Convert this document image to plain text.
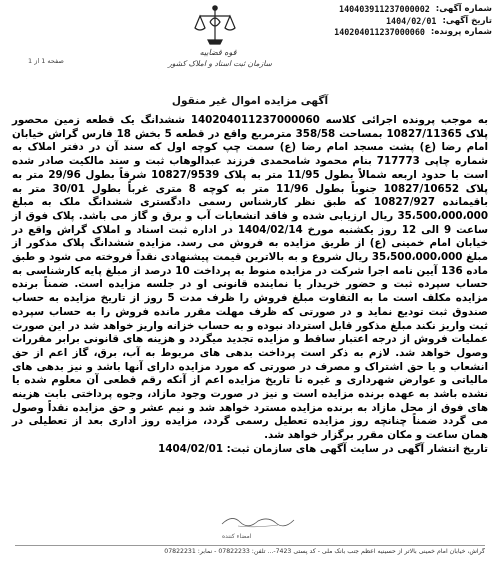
شماره آگهی:
140403911237000002
تاریخ آگهی:
1404/02/01
شماره پرونده:
140204011237000060
قوه قضاییه
سازمان ثبت اسناد و املاک کشور
صفحه 1 از 1
آگهی مزایده اموال غیر منقول
به موجب پرونده اجرائی کلاسه 140204011237000060 ششدانگ یک قطعه زمین محصور پلاک 10827/11365 بمساحت 358/58 مترمربع واقع در قطعه 5 بخش 18 فارس گراش خیابان امام رضا (ع) پشت مسجد امام رضا (ع) سمت چپ کوچه اول که سند آن در دفتر املاک به شماره چاپی 717773 بنام محمود شامحمدی فرزند عبدالوهاب ثبت و سند مالکیت صادر شده است با حدود اربعه شمالاً بطول 11/95 متر به پلاک 10827/9539 شرقاً بطول 29/96 متر به پلاک 10827/10652 جنوباً بطول 11/96 متر به کوچه 8 متری غرباً بطول 30/01 متر به باقیمانده 10827/927 که طبق نظر کارشناس رسمی دادگستری ششدانگ ملک به مبلغ 35،500،000،000 ریال ارزیابی شده و فاقد انشعابات آب و برق و گاز می باشد. پلاک فوق از ساعت 9 الی 12 روز یکشنبه مورخ 1404/02/14 در اداره ثبت اسناد و املاک گراش واقع در خیابان امام خمینی (ع) از طریق مزایده به فروش می رسد. مزایده ششدانگ پلاک مذکور از مبلغ 35،500،000،000 ریال شروع و به بالاترین قیمت پیشنهادی نقداً فروخته می شود و طبق ماده 136 آیین نامه اجرا شرکت در مزایده منوط به پرداخت 10 درصد از مبلغ پایه کارشناسی به حساب سپرده ثبت و حضور خریدار یا نماینده قانونی او در جلسه مزایده است. ضمناً برنده مزایده مکلف است ما به التفاوت مبلغ فروش را ظرف مدت 5 روز از تاریخ مزایده به حساب صندوق ثبت تودیع نماید و در صورتی که ظرف مهلت مقرر مانده فروش را به حساب سپرده ثبت واریز نکند مبلغ مذکور قابل استرداد نبوده و به حساب خزانه واریز خواهد شد در این صورت عملیات فروش از درجه اعتبار ساقط و مزایده تجدید میگردد و هزینه های قانونی برابر مقررات وصول خواهد شد. لازم به ذکر است پرداخت بدهی های مربوط به آب، برق، گاز اعم از حق انشعاب و یا حق اشتراک و مصرف در صورتی که مورد مزایده دارای آنها باشد و نیز بدهی های مالیاتی و عوارض شهرداری و غیره تا تاریخ مزایده اعم از آنکه رقم قطعی آن معلوم شده یا نشده باشد به عهده برنده مزایده است و نیز در صورت وجود مازاد، وجوه پرداختی بابت هزینه های فوق از محل مازاد به برنده مزایده مسترد خواهد شد و نیم عشر و حق مزایده نقداً وصول می گردد ضمناً چنانچه روز مزایده تعطیل رسمی گردد، مزایده روز اداری بعد از تعطیلی در همان ساعت و مکان مقرر برگزار خواهد شد.
تاریخ انتشار آگهی در سایت آگهی های سازمان ثبت: 1404/02/01
امضاء کننده
گراش، خیابان امام خمینی بالاتر از حسینیه اعظم جنب بانک ملی - کد پستی 7423-... تلفن: 07822233 - نمابر: 07822231
